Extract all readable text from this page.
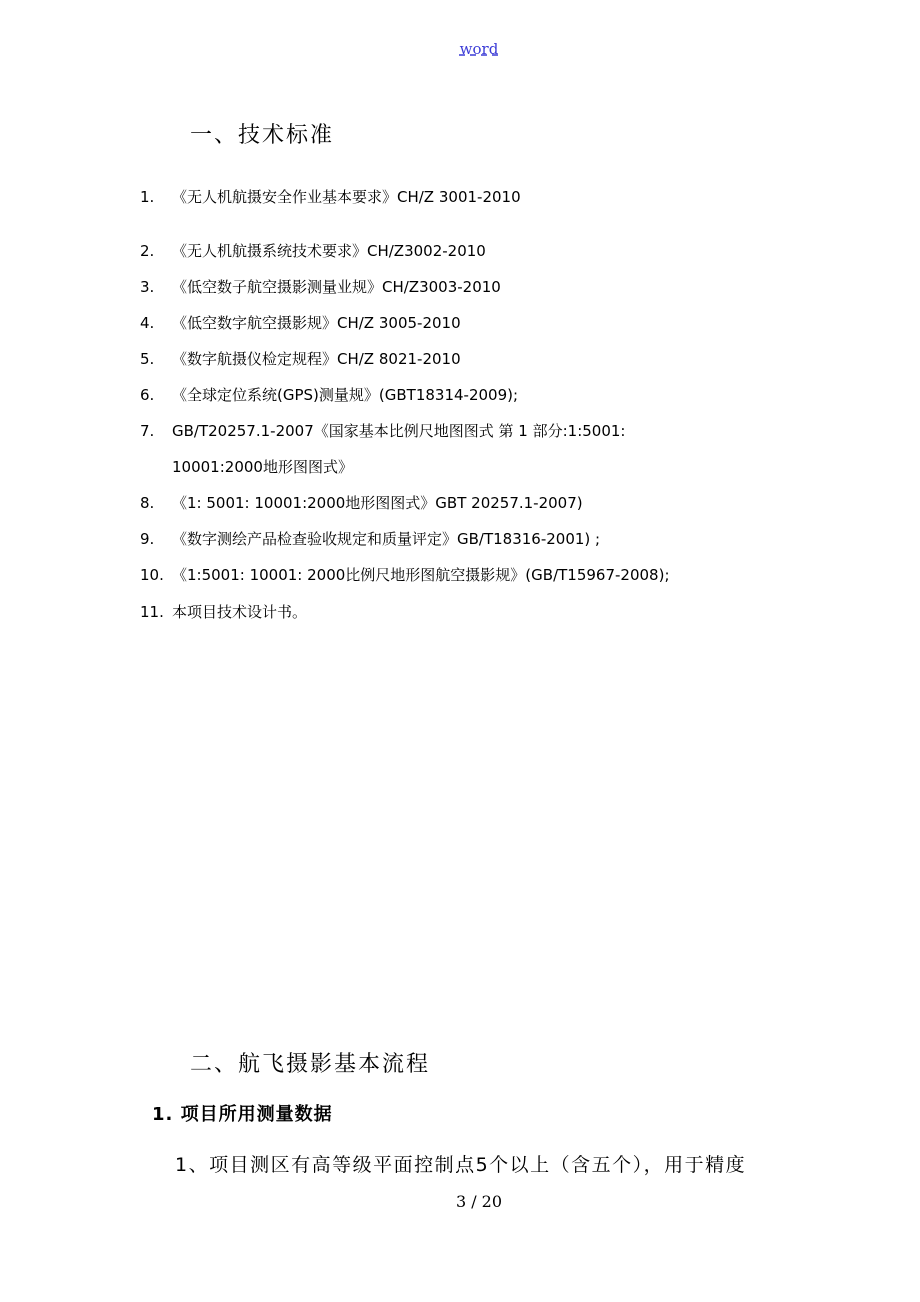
word
一、技术标准
1. 《无人机航摄安全作业基本要求》CH/Z 3001-2010
2. 《无人机航摄系统技术要求》CH/Z3002-2010
3. 《低空数子航空摄影测量业规》CH/Z3003-2010
4. 《低空数字航空摄影规》CH/Z 3005-2010
5. 《数字航摄仪检定规程》CH/Z 8021-2010
6. 《全球定位系统(GPS)测量规》(GBT18314-2009);
7. GB/T20257.1-2007《国家基本比例尺地图图式 第 1 部分:1:5001:
10001:2000地形图图式》
8. 《1: 5001: 10001:2000地形图图式》GBT 20257.1-2007)
9. 《数字测绘产品检查验收规定和质量评定》GB/T18316-2001) ;
10. 《1:5001: 10001: 2000比例尺地形图航空摄影规》(GB/T15967-2008);
11. 本项目技术设计书。
二、航飞摄影基本流程
1. 项目所用测量数据
1、项目测区有高等级平面控制点5个以上（含五个），用于精度
3 / 20
